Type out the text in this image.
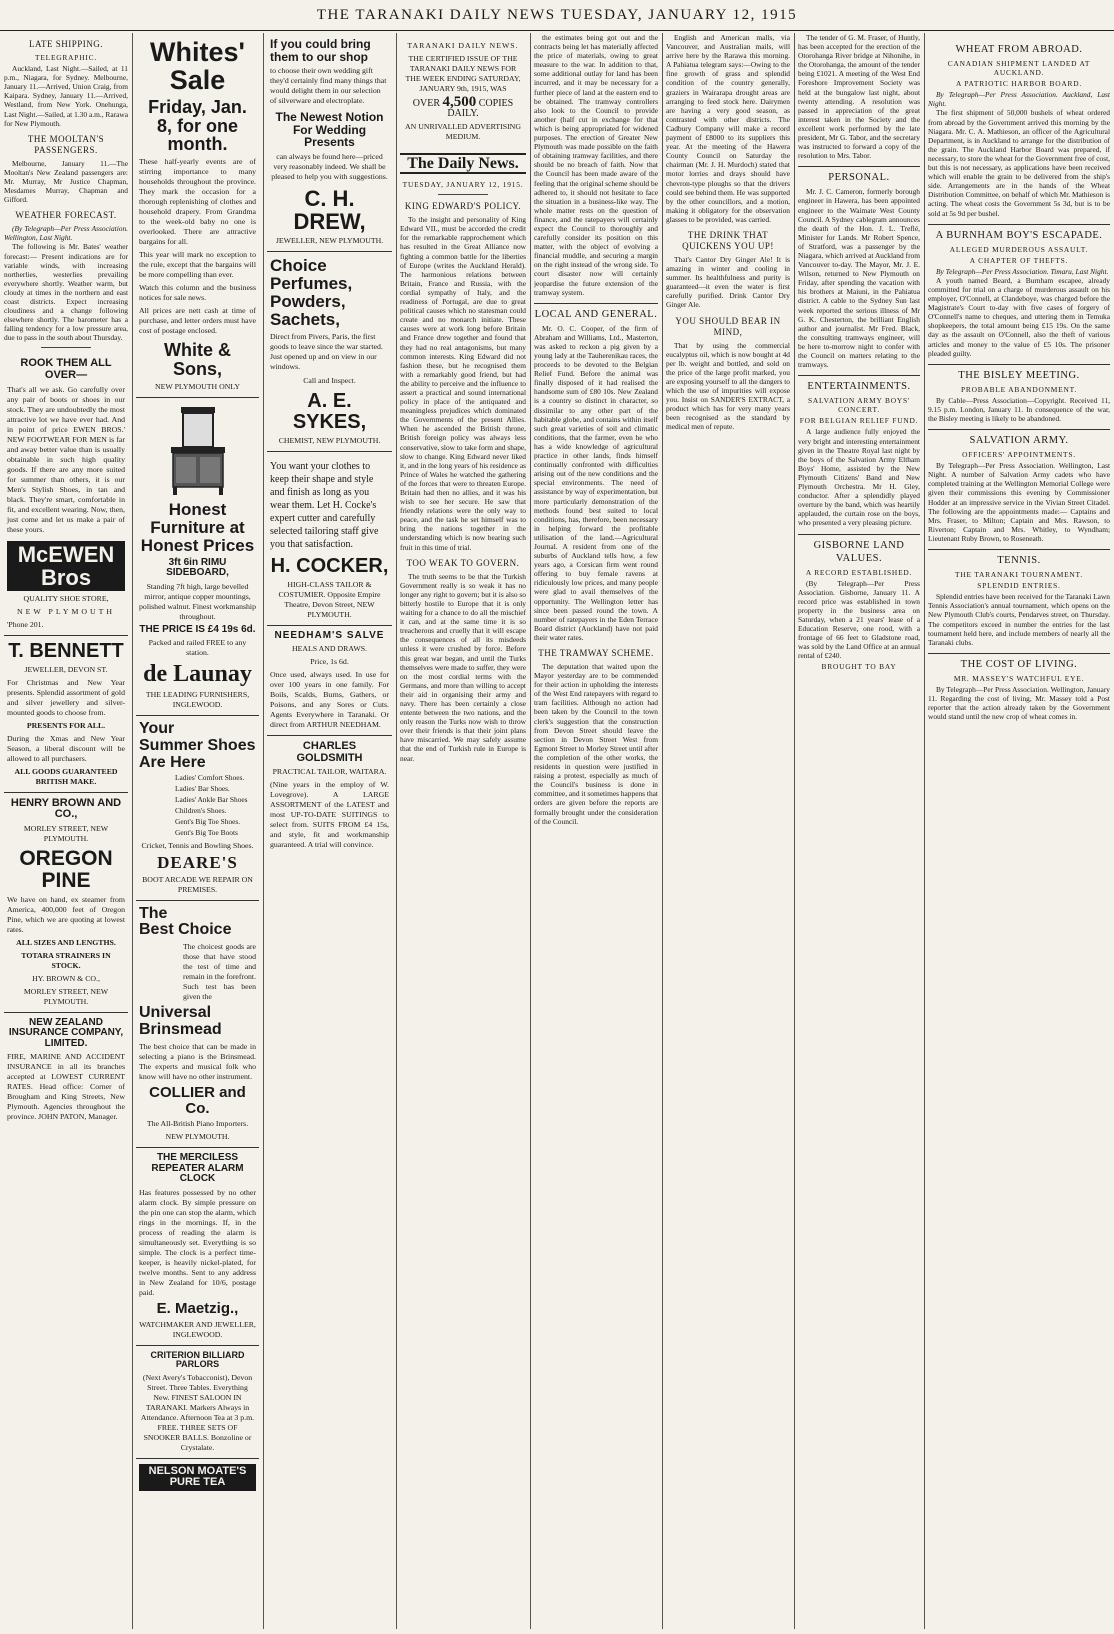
THE TARANAKI DAILY NEWS TUESDAY, JANUARY 12, 1915
LATE SHIPPING.
TELEGRAPHIC.
Auckland, Last Night.—Sailed, at 11 p.m., Niagara, for Sydney. Melbourne, January 11.—Arrived, Union Craig, from Kaipara. Sydney, January 11.—Arrived, Westland, from New York. Onehunga, Last Night.—Sailed, at 1.30 a.m., Rarawa for New Plymouth.
THE MOOLTAN'S PASSENGERS.
Melbourne, January 11.—The Mooltan's New Zealand passengers are: Mr. Murray, Mr Justice Chapman, Mesdames Murray, Chapman and Gifford.
WEATHER FORECAST.
(By Telegraph—Per Press Association. Wellington, Last Night.
The following is Mr. Bates' weather forecast:— Present indications are for variable winds, with increasing northerlies, westerlies prevailing everywhere shortly. Weather warm, but cloudy at times in the northern and east coast districts. Expect increasing cloudiness and a change following elsewhere shortly. The barometer has a falling tendency for a low pressure area, due to pass in the south about Thursday.
ROOK THEM ALL OVER—
That's all we ask. Go carefully over any pair of boots or shoes in our stock. They are undoubtedly the most attractive lot we have ever had. And in point of price EWEN BROS.' NEW FOOTWEAR FOR MEN is far and away better value than is usually obtainable in such high quality goods. If there are any more suited for summer than others, it is our Men's Stylish Shoes, in tan and black. They're smart, comfortable in fit, and excellent wearing. Now, then, just come and let us make a pair of these yours.
McEWEN Bros
QUALITY SHOE STORE,
NEW PLYMOUTH
'Phone 201.
T. BENNETT
JEWELLER, DEVON ST.
For Christmas and New Year presents. Splendid assortment of gold and silver jewellery and silver-mounted goods to choose from.
PRESENTS FOR ALL.
During the Xmas and New Year Season, a liberal discount will be allowed to all purchasers.
ALL GOODS GUARANTEED BRITISH MAKE.
HENRY BROWN AND CO.,
MORLEY STREET, NEW PLYMOUTH.
OREGON PINE
We have on hand, ex steamer from America, 400,000 feet of Oregon Pine, which we are quoting at lowest rates.
ALL SIZES AND LENGTHS.
TOTARA STRAINERS IN STOCK.
HY. BROWN & CO.,
MORLEY STREET, NEW PLYMOUTH.
NEW ZEALAND INSURANCE COMPANY, LIMITED.
FIRE, MARINE AND ACCIDENT INSURANCE in all its branches accepted at LOWEST CURRENT RATES. Head office: Corner of Brougham and King Streets, New Plymouth. Agencies throughout the province. JOHN PATON, Manager.
Whites'
Sale
Friday, Jan. 8, for one month.
These half-yearly events are of stirring importance to many households throughout the province. They mark the occasion for a thorough replenishing of clothes and household drapery. From Grandma to the week-old baby no one is overlooked. There are attractive bargains for all.
This year will mark no exception to the rule, except that the bargains will be more compelling than ever.
Watch this column and the business notices for sale news.
All prices are nett cash at time of purchase, and letter orders must have cost of postage enclosed.
White & Sons,
NEW PLYMOUTH ONLY
Honest Furniture at Honest Prices
3ft 6in RIMU SIDEBOARD,
Standing 7ft high, large bevelled mirror, antique copper mountings, polished walnut. Finest workmanship throughout.
THE PRICE IS £4 19s 6d.
Packed and railed FREE to any station.
de Launay
THE LEADING FURNISHERS, INGLEWOOD.
Your
Summer Shoes
Are Here
Ladies' Comfort Shoes.
Ladies' Bar Shoes.
Ladies' Ankle Bar Shoes
Children's Shoes.
Gent's Big Toe Shoes.
Gent's Big Toe Boots
Cricket, Tennis and Bowling Shoes.
DEARE'S
BOOT ARCADE WE REPAIR ON PREMISES.
The
Best Choice
The choicest goods are those that have stood the test of time and remain in the forefront. Such test has been given the
Universal Brinsmead
The best choice that can be made in selecting a piano is the Brinsmead. The experts and musical folk who know will have no other instrument.
COLLIER and Co.
The All-British Piano Importers.
NEW PLYMOUTH.
THE MERCILESS REPEATER ALARM CLOCK
Has features possessed by no other alarm clock. By simple pressure on the pin one can stop the alarm, which rings in the mornings. If, in the process of reading the alarm is simultaneously set. Everything is so simple. The clock is a perfect time-keeper, is heavily nickel-plated, for twelve months. Sent to any address in New Zealand for 10/6, postage paid.
E. Maetzig.,
WATCHMAKER AND JEWELLER, INGLEWOOD.
CRITERION BILLIARD PARLORS
(Next Avery's Tobacconist), Devon Street. Three Tables. Everything New. FINEST SALOON IN TARANAKI. Markers Always in Attendance. Afternoon Tea at 3 p.m. FREE. THREE SETS OF SNOOKER BALLS. Bonzoline or Crystalate.
NELSON MOATE'S PURE TEA
If you could bring them to our shop
to choose their own wedding gift they'd certainly find many things that would delight them in our selection of silverware and electroplate.
The Newest Notion For Wedding Presents
can always be found here—priced very reasonably indeed. We shall be pleased to help you with suggestions.
C. H. DREW,
JEWELLER, NEW PLYMOUTH.
Choice Perfumes, Powders, Sachets,
Direct from Pivers, Paris, the first goods to leave since the war started. Just opened up and on view in our windows.
Call and Inspect.
A. E. SYKES,
CHEMIST, NEW PLYMOUTH.
You want your clothes to keep their shape and style and finish as long as you wear them. Let H. Cocke's expert cutter and carefully selected tailoring staff give you that satisfaction.
H. COCKER,
HIGH-CLASS TAILOR & COSTUMIER. Opposite Empire Theatre, Devon Street, NEW PLYMOUTH.
NEEDHAM'S SALVE
HEALS AND DRAWS.
Price, 1s 6d.
Once used, always used. In use for over 100 years in one family. For Boils, Scalds, Burns, Gathers, or Poisons, and any Sores or Cuts. Agents Everywhere in Taranaki. Or direct from ARTHUR NEEDHAM.
CHARLES GOLDSMITH
PRACTICAL TAILOR, WAITARA.
(Nine years in the employ of W. Lovegrove). A LARGE ASSORTMENT of the LATEST and most UP-TO-DATE SUITINGS to select from. SUITS FROM £4 15s, and style, fit and workmanship guaranteed. A trial will convince.
TARANAKI DAILY NEWS.
THE CERTIFIED ISSUE OF THE TARANAKI DAILY NEWS FOR THE WEEK ENDING SATURDAY, JANUARY 9th, 1915, WAS
OVER 4,500 COPIES DAILY.
AN UNRIVALLED ADVERTISING MEDIUM.
The Daily News.
TUESDAY, JANUARY 12, 1915.
KING EDWARD'S POLICY.
To the insight and personality of King Edward VII., must be accorded the credit for the remarkable rapprochement which has resulted in the Great Alliance now fighting a common battle for the liberties of Europe (writes the Auckland Herald). The harmonious relations between Britain, France and Russia, with the cordial sympathy of Italy, and the readiness of Portugal, are due to great political causes which no statesman could create and no monarch initiate. These causes were at work long before Britain and France drew together and found that they had no real antagonisms, but many common interests. King Edward did not fashion these, but he recognised them with a remarkably good friend, but had the ability to perceive and the influence to assert a practical and sound international policy in place of the antiquated and meaningless prejudices which dominated the Governments of the present Allies. When he ascended the British throne, British foreign policy was always less conservative, slow to take form and shape, slow to change. King Edward never liked it, and in the long years of his residence as Prince of Wales he watched the gathering of the forces that were to threaten Europe. Britain had then no allies, and it was his wish to see her secure. He saw that friendly relations were the only way to peace, and the task he set himself was to bring the nations together in the understanding which is now bearing such fruit in this time of trial.
TOO WEAK TO GOVERN.
The truth seems to be that the Turkish Government really is so weak it has no longer any right to govern; but it is also so bitterly hostile to Europe that it is only waiting for a chance to do all the mischief it can, and at the same time it is so treacherous and cruelly that it will escape the consequences of all its misdeeds unless it were crushed by force. Before this great war began, and until the Turks themselves were made to suffer, they were on the most cordial terms with the Germans, and more than willing to accept their aid in organising their army and navy. There has been certainly a close entente between the two nations, and the only reason the Turks now wish to throw over their friends is that their joint plans have miscarried. We may safely assume that the end of Turkish rule in Europe is near.
the estimates being got out and the contracts being let has materially affected the price of materials, owing to great measure to the war. In addition to that, some additional outlay for land has been incurred, and it may be necessary for a further piece of land at the eastern end to be obtained. The tramway controllers also look to the Council to provide another (half cut in exchange for that which is being appropriated for widened purposes. The erection of Greater New Plymouth was made possible on the faith of obtaining tramway facilities, and there should be no breach of faith. Now that the Council has been made aware of the feeling that the original scheme should be adhered to, it should not hesitate to face the situation in a business-like way. The whole matter rests on the question of finance, and the ratepayers will certainly expect the Council to thoroughly and carefully consider its position on this matter, with the object of evolving a financial muddle, and securing a margin on the right instead of the wrong side. To court disaster now will certainly jeopardise the future extension of the tramway system.
LOCAL AND GENERAL.
Mr. O. C. Cooper, of the firm of Abraham and Williams, Ltd., Masterton, was asked to reckon a pig given by a young lady at the Tauherenikau races, the proceeds to be devoted to the Belgian Relief Fund. Before the animal was finally disposed of it had realised the handsome sum of £80 10s. New Zealand is a country so distinct in character, so dissimilar to any other part of the habitable globe, and contains within itself such great varieties of soil and climatic conditions, that the farmer, even he who has a wide knowledge of agricultural practice in other lands, finds himself continually confronted with difficulties arising out of the new conditions and the special environments. The need of assistance by way of experimentation, but more particularly demonstration of the methods found best suited to local conditions, has, therefore, been necessary in helping forward the profitable utilisation of the land.—Agricultural Journal. A resident from one of the suburbs of Auckland tells how, a few years ago, a Corsican firm went round offering to buy female ravens at ridiculously low prices, and many people were glad to avail themselves of the opportunity. The Wellington letter has since been passed round the town. A number of ratepayers in the Eden Terrace Board district (Auckland) have not paid their water rates.
THE TRAMWAY SCHEME.
The deputation that waited upon the Mayor yesterday are to be commended for their action in upholding the interests of the West End ratepayers with regard to tram facilities. Although no action had been taken by the Council to the town clerk's suggestion that the construction from Devon Street should leave the section in Devon Street West from Egmont Street to Morley Street until after the completion of the other works, the residents in question were justified in raising a protest, especially as much of the Council's business is done in committee, and it sometimes happens that orders are given before the reports are formally brought under the consideration of the Council.
English and American malls, via Vancouver, and Australian mails, will arrive here by the Rarawa this morning. A Pahiatua telegram says:—Owing to the fine growth of grass and splendid condition of the country generally, graziers in Wairarapa drought areas are arranging to feed stock here. Dairymen are having a very good season, as contrasted with other districts. The Cadbury Company will make a record payment of £8000 to its suppliers this year. At the meeting of the Hawera County Council on Saturday the chairman (Mr. J. H. Murdoch) stated that motor lorries and drays should have chevron-type ploughs so that the drivers could see behind them. He was supported by the other councillors, and a motion, making it obligatory for the observation glasses to be provided, was carried.
THE DRINK THAT QUICKENS YOU UP!
That's Cantor Dry Ginger Ale! It is amazing in winter and cooling in summer. Its healthfulness and purity is guaranteed—it even the water is first carefully purified. Drink Cantor Dry Ginger Ale.
YOU SHOULD BEAR IN MIND,
That by using the commercial eucalyptus oil, which is now bought at 4d per lb. weight and bottled, and sold on the price of the large profit marked, you are exposing yourself to all the dangers to which the use of impurities will expose you. Insist on SANDER'S EXTRACT, a product which has for very many years been recognised as the standard by medical men of repute.
The tender of G. M. Fraser, of Huntly, has been accepted for the erection of the Otorohanga River bridge at Nihonihe, in the Otorohanga, the amount of the tender being £1021. A meeting of the West End Foreshore Improvement Society was held at the bungalow last night, about twenty attending. A resolution was passed in appreciation of the great interest taken in the Society and the excellent work performed by the late president, Mr G. Tabor, and the secretary was instructed to forward a copy of the resolution to Mrs. Tabor.
PERSONAL.
Mr. J. C. Cameron, formerly borough engineer in Hawera, has been appointed engineer to the Waimate West County Council. A Sydney cablegram announces the death of the Hon. J. L. Treflé, Minister for Lands. Mr Robert Spence, of Stratford, was a passenger by the Niagara, which arrived at Auckland from Vancouver to-day. The Mayor, Mr. J. E. Wilson, returned to New Plymouth on Friday, after spending the vacation with his brothers at Maiuni, in the Pahiatua district. A cable to the Sydney Sun last week reported the serious illness of Mr G. K. Chesterton, the brilliant English author and journalist. Mr Fred. Black, the consulting tramways engineer, will be here to-morrow night to confer with the Council on matters relating to the tramways.
ENTERTAINMENTS.
SALVATION ARMY BOYS' CONCERT.
FOR BELGIAN RELIEF FUND.
A large audience fully enjoyed the very bright and interesting entertainment given in the Theatre Royal last night by the boys of the Salvation Army Eltham Boys' Home, assisted by the New Plymouth Citizens' Band and New Plymouth Orchestra. Mr H. Gley, conductor. After a splendidly played overture by the band, which was heartily applauded, the curtain rose on the boys, who presented a very pleasing picture.
GISBORNE LAND VALUES.
A RECORD ESTABLISHED.
(By Telegraph—Per Press Association. Gisborne, January 11. A record price was established in town property in the business area on Saturday, when a 21 years' lease of a Education Reserve, one rood, with a frontage of 66 feet to Gladstone road, was sold by the Land Office at an annual rental of £240.
BROUGHT TO BAY
WHEAT FROM ABROAD.
CANADIAN SHIPMENT LANDED AT AUCKLAND.
A PATRIOTIC HARBOR BOARD.
By Telegraph—Per Press Association. Auckland, Last Night.
The first shipment of 50,000 bushels of wheat ordered from abroad by the Government arrived this morning by the Niagara. Mr. C. A. Mathieson, an officer of the Agricultural Department, is in Auckland to arrange for the distribution of the grain. The Auckland Harbor Board was prepared, if necessary, to store the wheat for the Government free of cost, but this is not necessary, as applications have been received which will enable the grain to be delivered from the ship's side. Arrangements are in the hands of the Wheat Distribution Committee, on behalf of which Mr. Mathieson is acting. The wheat costs the Government 5s 3d, but is to be sold at 5s 9d per bushel.
A BURNHAM BOY'S ESCAPADE.
ALLEGED MURDEROUS ASSAULT.
A CHAPTER OF THEFTS.
By Telegraph—Per Press Association. Timaru, Last Night.
A youth named Beard, a Burnham escapee, already committed for trial on a charge of murderous assault on his employer, O'Connell, at Clandeboye, was charged before the Magistrate's Court to-day with five cases of forgery of O'Connell's name to cheques, and uttering them in Temuka shopkeepers, the total amount being £15 19s. On the same day as the assault on O'Connell, also the theft of various articles and money to the value of £5 10s. The prisoner pleaded guilty.
THE BISLEY MEETING.
PROBABLE ABANDONMENT.
By Cable—Press Association—Copyright. Received 11, 9.15 p.m. London, January 11. In consequence of the war, the Bisley meeting is likely to be abandoned.
SALVATION ARMY.
OFFICERS' APPOINTMENTS.
By Telegraph—Per Press Association. Wellington, Last Night. A number of Salvation Army cadets who have completed training at the Wellington Memorial College were given their commissions this evening by Commissioner Hodder at an impressive service in the Vivian Street Citadel. The following are the appointments made:— Captains and Mrs. Fraser, to Milton; Captain and Mrs. Rawson, to Riverton; Captain and Mrs. Whitley, to Wyndham; Lieutenant Ruby Brown, to Roseneath.
TENNIS.
THE TARANAKI TOURNAMENT.
SPLENDID ENTRIES.
Splendid entries have been received for the Taranaki Lawn Tennis Association's annual tournament, which opens on the New Plymouth Club's courts, Pendarves street, on Thursday. The competitors exceed in number the entries for the last tournament held here, and include members of nearly all the Taranaki clubs.
THE COST OF LIVING.
MR. MASSEY'S WATCHFUL EYE.
By Telegraph—Per Press Association. Wellington, January 11. Regarding the cost of living, Mr. Massey told a Post reporter that the action already taken by the Government would stand until the new crop of wheat comes in.
